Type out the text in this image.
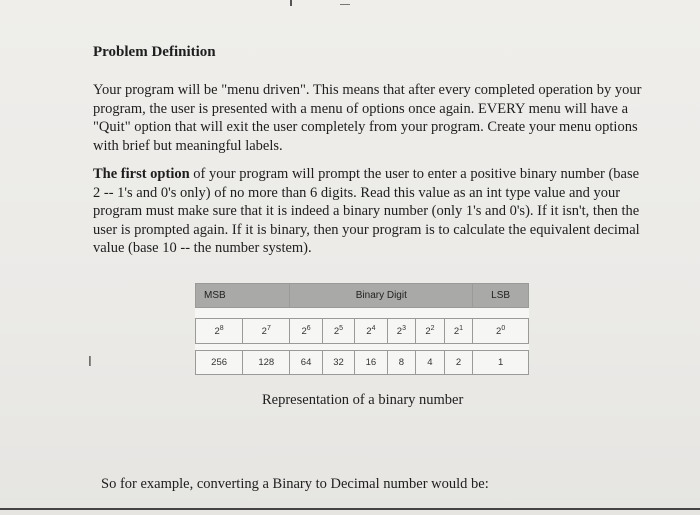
Problem Definition

Your program will be "menu driven". This means that after every completed operation by your program, the user is presented with a menu of options once again. EVERY menu will have a "Quit" option that will exit the user completely from your program. Create your menu options with brief but meaningful labels.

The first option of your program will prompt the user to enter a positive binary number (base 2 -- 1's and 0's only) of no more than 6 digits. Read this value as an int type value and your program must make sure that it is indeed a binary number (only 1's and 0's). If it isn't, then the user is prompted again. If it is binary, then your program is to calculate the equivalent decimal value (base 10 -- the number system).

I
MSB		Binary Digit						LSB

$2^8$	$2^7$	$2^6$	$2^5$	$2^4$	$2^3$	$2^2$	$2^1$	$2^0$

256	128	64	32	16	8	4	2	1

Representation of a binary number

So for example, converting a Binary to Decimal number would be:
